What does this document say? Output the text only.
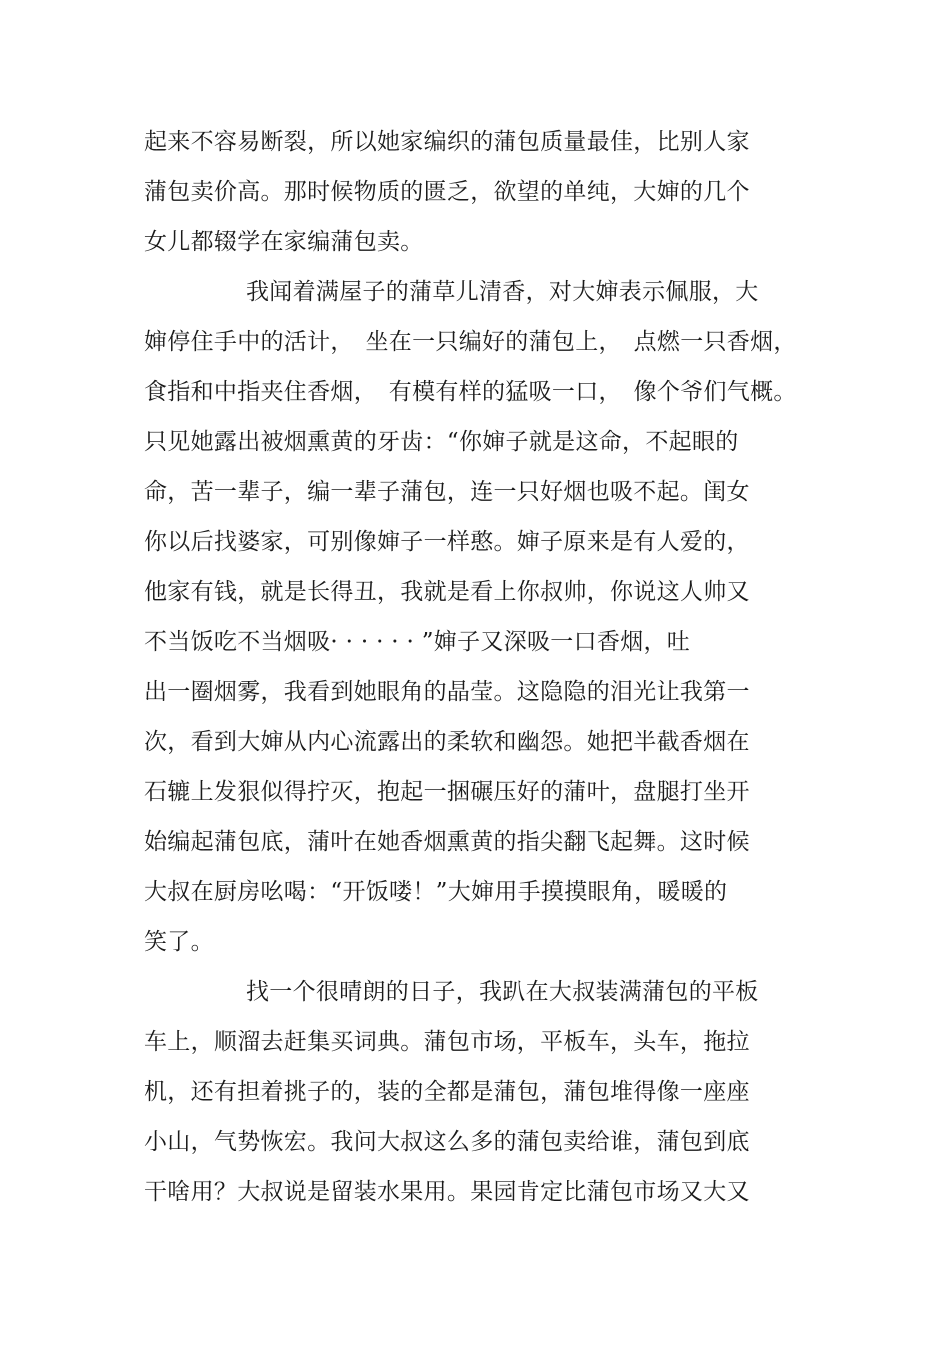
起来不容易断裂，所以她家编织的蒲包质量最佳，比别人家
蒲包卖价高。那时候物质的匮乏，欲望的单纯，大婶的几个
女儿都辍学在家编蒲包卖。
我闻着满屋子的蒲草儿清香，对大婶表示佩服，大
婶停住手中的活计，　坐在一只编好的蒲包上，　点燃一只香烟，
食指和中指夹住香烟，　有模有样的猛吸一口，　像个爷们气概。
只见她露出被烟熏黄的牙齿：“你婶子就是这命，不起眼的
命，苦一辈子，编一辈子蒲包，连一只好烟也吸不起。闺女
你以后找婆家，可别像婶子一样憨。婶子原来是有人爱的，
他家有钱，就是长得丑，我就是看上你叔帅，你说这人帅又
不当饭吃不当烟吸· · · · · · ”婶子又深吸一口香烟，吐
出一圈烟雾，我看到她眼角的晶莹。这隐隐的泪光让我第一
次，看到大婶从内心流露出的柔软和幽怨。她把半截香烟在
石辘上发狠似得拧灭，抱起一捆碾压好的蒲叶，盘腿打坐开
始编起蒲包底，蒲叶在她香烟熏黄的指尖翻飞起舞。这时候
大叔在厨房吆喝：“开饭喽！”大婶用手摸摸眼角，暖暖的
笑了。
找一个很晴朗的日子，我趴在大叔装满蒲包的平板
车上，顺溜去赶集买词典。蒲包市场，平板车，头车，拖拉
机，还有担着挑子的，装的全都是蒲包，蒲包堆得像一座座
小山，气势恢宏。我问大叔这么多的蒲包卖给谁，蒲包到底
干啥用？大叔说是留装水果用。果园肯定比蒲包市场又大又
